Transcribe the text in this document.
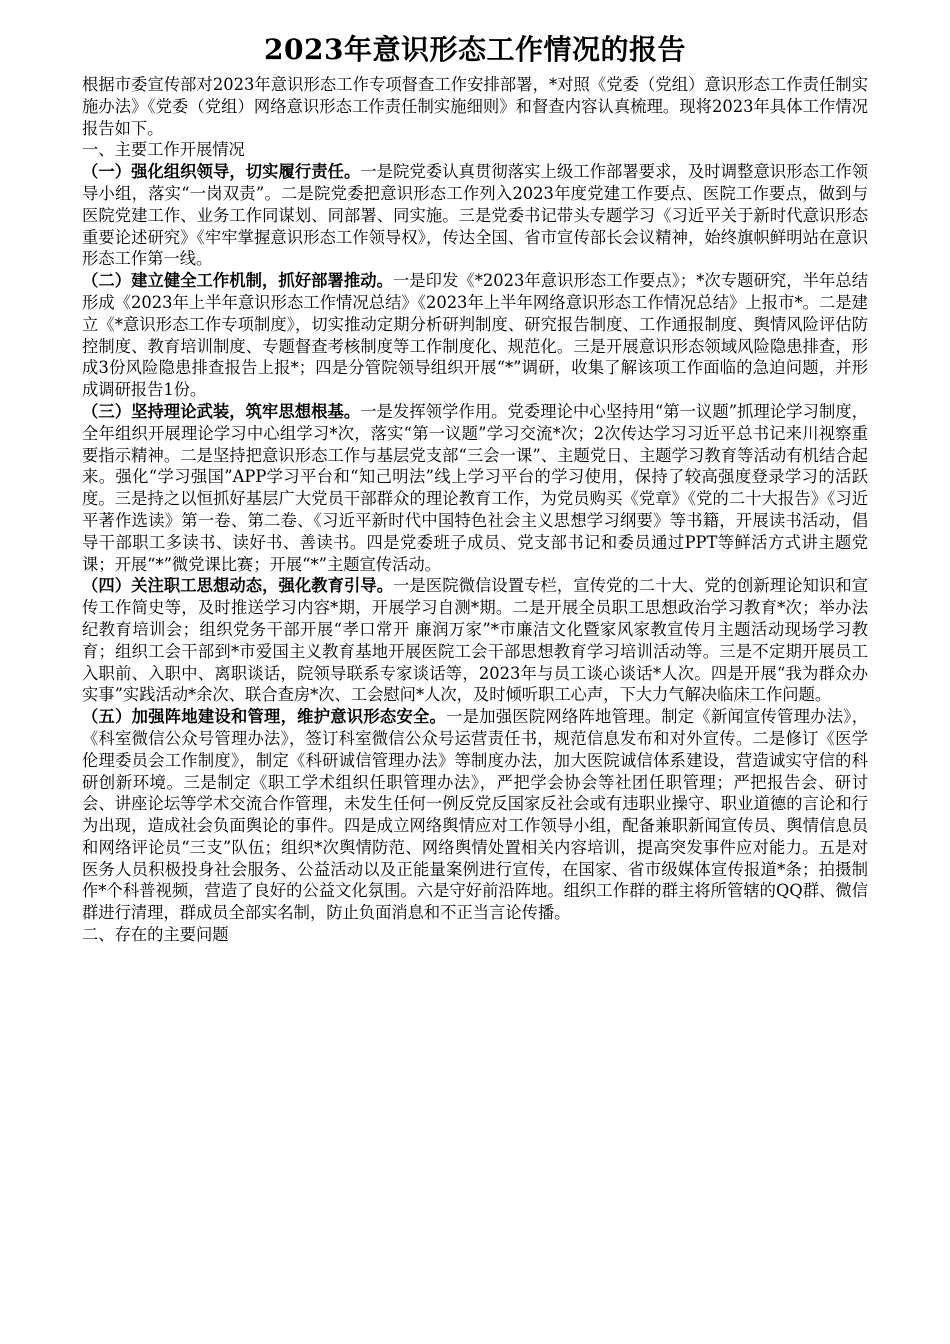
2023年意识形态工作情况的报告

根据市委宣传部对2023年意识形态工作专项督查工作安排部署，*对照《党委（党组）意识形态工作责任制实施办法》《党委（党组）网络意识形态工作责任制实施细则》和督查内容认真梳理。现将2023年具体工作情况报告如下。

一、主要工作开展情况

（一）强化组织领导，切实履行责任。一是院党委认真贯彻落实上级工作部署要求，及时调整意识形态工作领导小组，落实“一岗双责”。二是院党委把意识形态工作列入2023年度党建工作要点、医院工作要点，做到与医院党建工作、业务工作同谋划、同部署、同实施。三是党委书记带头专题学习《习近平关于新时代意识形态重要论述研究》《牢牢掌握意识形态工作领导权》，传达全国、省市宣传部长会议精神，始终旗帜鲜明站在意识形态工作第一线。

（二）建立健全工作机制，抓好部署推动。一是印发《*2023年意识形态工作要点》；*次专题研究，半年总结形成《2023年上半年意识形态工作情况总结》《2023年上半年网络意识形态工作情况总结》上报市*。二是建立《*意识形态工作专项制度》，切实推动定期分析研判制度、研究报告制度、工作通报制度、舆情风险评估防控制度、教育培训制度、专题督查考核制度等工作制度化、规范化。三是开展意识形态领域风险隐患排查，形成3份风险隐患排查报告上报*；四是分管院领导组织开展“*”调研，收集了解该项工作面临的急迫问题，并形成调研报告1份。

（三）坚持理论武装，筑牢思想根基。一是发挥领学作用。党委理论中心坚持用“第一议题”抓理论学习制度，全年组织开展理论学习中心组学习*次，落实“第一议题”学习交流*次；2次传达学习习近平总书记来川视察重要指示精神。二是坚持把意识形态工作与基层党支部“三会一课”、主题党日、主题学习教育等活动有机结合起来。强化“学习强国”APP学习平台和“知己明法”线上学习平台的学习使用，保持了较高强度登录学习的活跃度。三是持之以恒抓好基层广大党员干部群众的理论教育工作，为党员购买《党章》《党的二十大报告》《习近平著作选读》第一卷、第二卷、《习近平新时代中国特色社会主义思想学习纲要》等书籍，开展读书活动，倡导干部职工多读书、读好书、善读书。四是党委班子成员、党支部书记和委员通过PPT等鲜活方式讲主题党课；开展“*”微党课比赛；开展“*”主题宣传活动。

（四）关注职工思想动态，强化教育引导。一是医院微信设置专栏，宣传党的二十大、党的创新理论知识和宣传工作简史等，及时推送学习内容*期，开展学习自测*期。二是开展全员职工思想政治学习教育*次；举办法纪教育培训会；组织党务干部开展“孝口常开 廉润万家”*市廉洁文化暨家风家教宣传月主题活动现场学习教育；组织工会干部到*市爱国主义教育基地开展医院工会干部思想教育学习培训活动等。三是不定期开展员工入职前、入职中、离职谈话，院领导联系专家谈话等，2023年与员工谈心谈话*人次。四是开展“我为群众办实事”实践活动*余次、联合查房*次、工会慰问*人次，及时倾听职工心声，下大力气解决临床工作问题。

（五）加强阵地建设和管理，维护意识形态安全。一是加强医院网络阵地管理。制定《新闻宣传管理办法》，《科室微信公众号管理办法》，签订科室微信公众号运营责任书，规范信息发布和对外宣传。二是修订《医学伦理委员会工作制度》，制定《科研诚信管理办法》等制度办法，加大医院诚信体系建设，营造诚实守信的科研创新环境。三是制定《职工学术组织任职管理办法》，严把学会协会等社团任职管理；严把报告会、研讨会、讲座论坛等学术交流合作管理，未发生任何一例反党反国家反社会或有违职业操守、职业道德的言论和行为出现，造成社会负面舆论的事件。四是成立网络舆情应对工作领导小组，配备兼职新闻宣传员、舆情信息员和网络评论员“三支”队伍；组织*次舆情防范、网络舆情处置相关内容培训，提高突发事件应对能力。五是对医务人员积极投身社会服务、公益活动以及正能量案例进行宣传，在国家、省市级媒体宣传报道*条；拍摄制作*个科普视频，营造了良好的公益文化氛围。六是守好前沿阵地。组织工作群的群主将所管辖的QQ群、微信群进行清理，群成员全部实名制，防止负面消息和不正当言论传播。

二、存在的主要问题
